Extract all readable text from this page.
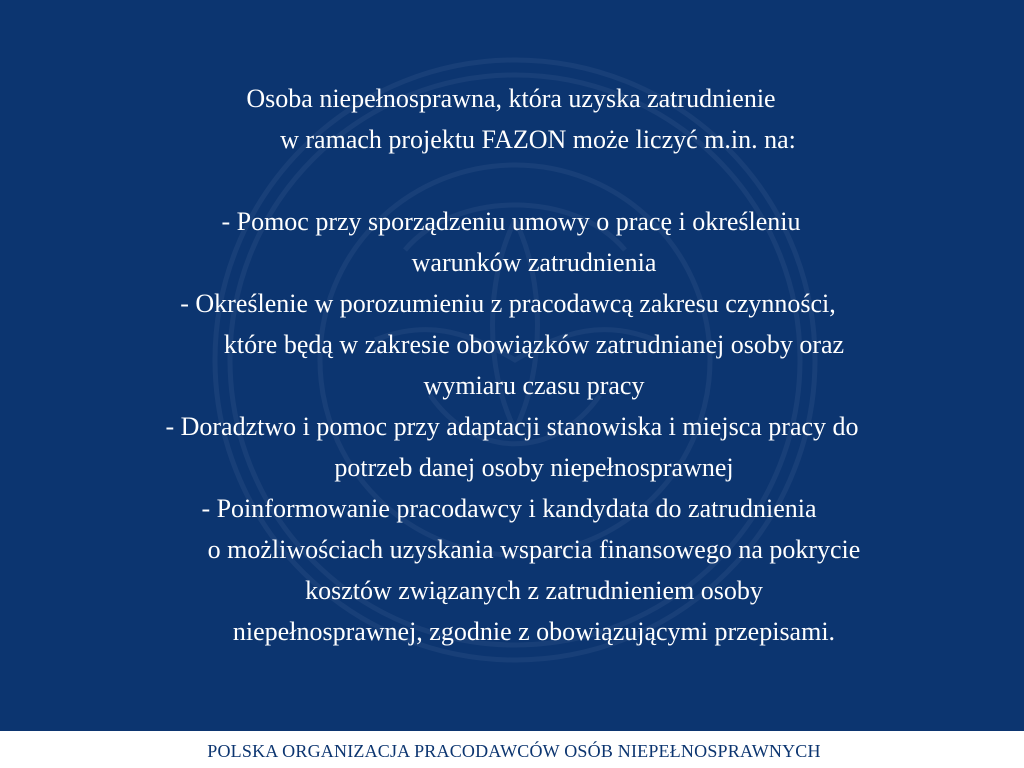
Osoba niepełnosprawna, która uzyska zatrudnienie
w ramach projektu FAZON może liczyć m.in. na:
- Pomoc przy sporządzeniu umowy o pracę i określeniu
warunków zatrudnienia
- Określenie w porozumieniu z pracodawcą zakresu czynności,
które będą w zakresie obowiązków zatrudnianej osoby oraz
wymiaru czasu pracy
- Doradztwo i pomoc przy adaptacji stanowiska i miejsca pracy do
potrzeb danej osoby niepełnosprawnej
- Poinformowanie pracodawcy i kandydata do zatrudnienia
o możliwościach uzyskania wsparcia finansowego na pokrycie
kosztów związanych z zatrudnieniem osoby
niepełnosprawnej, zgodnie z obowiązującymi przepisami.
POLSKA ORGANIZACJA PRACODAWCÓW OSÓB NIEPEŁNOSPRAWNYCH
